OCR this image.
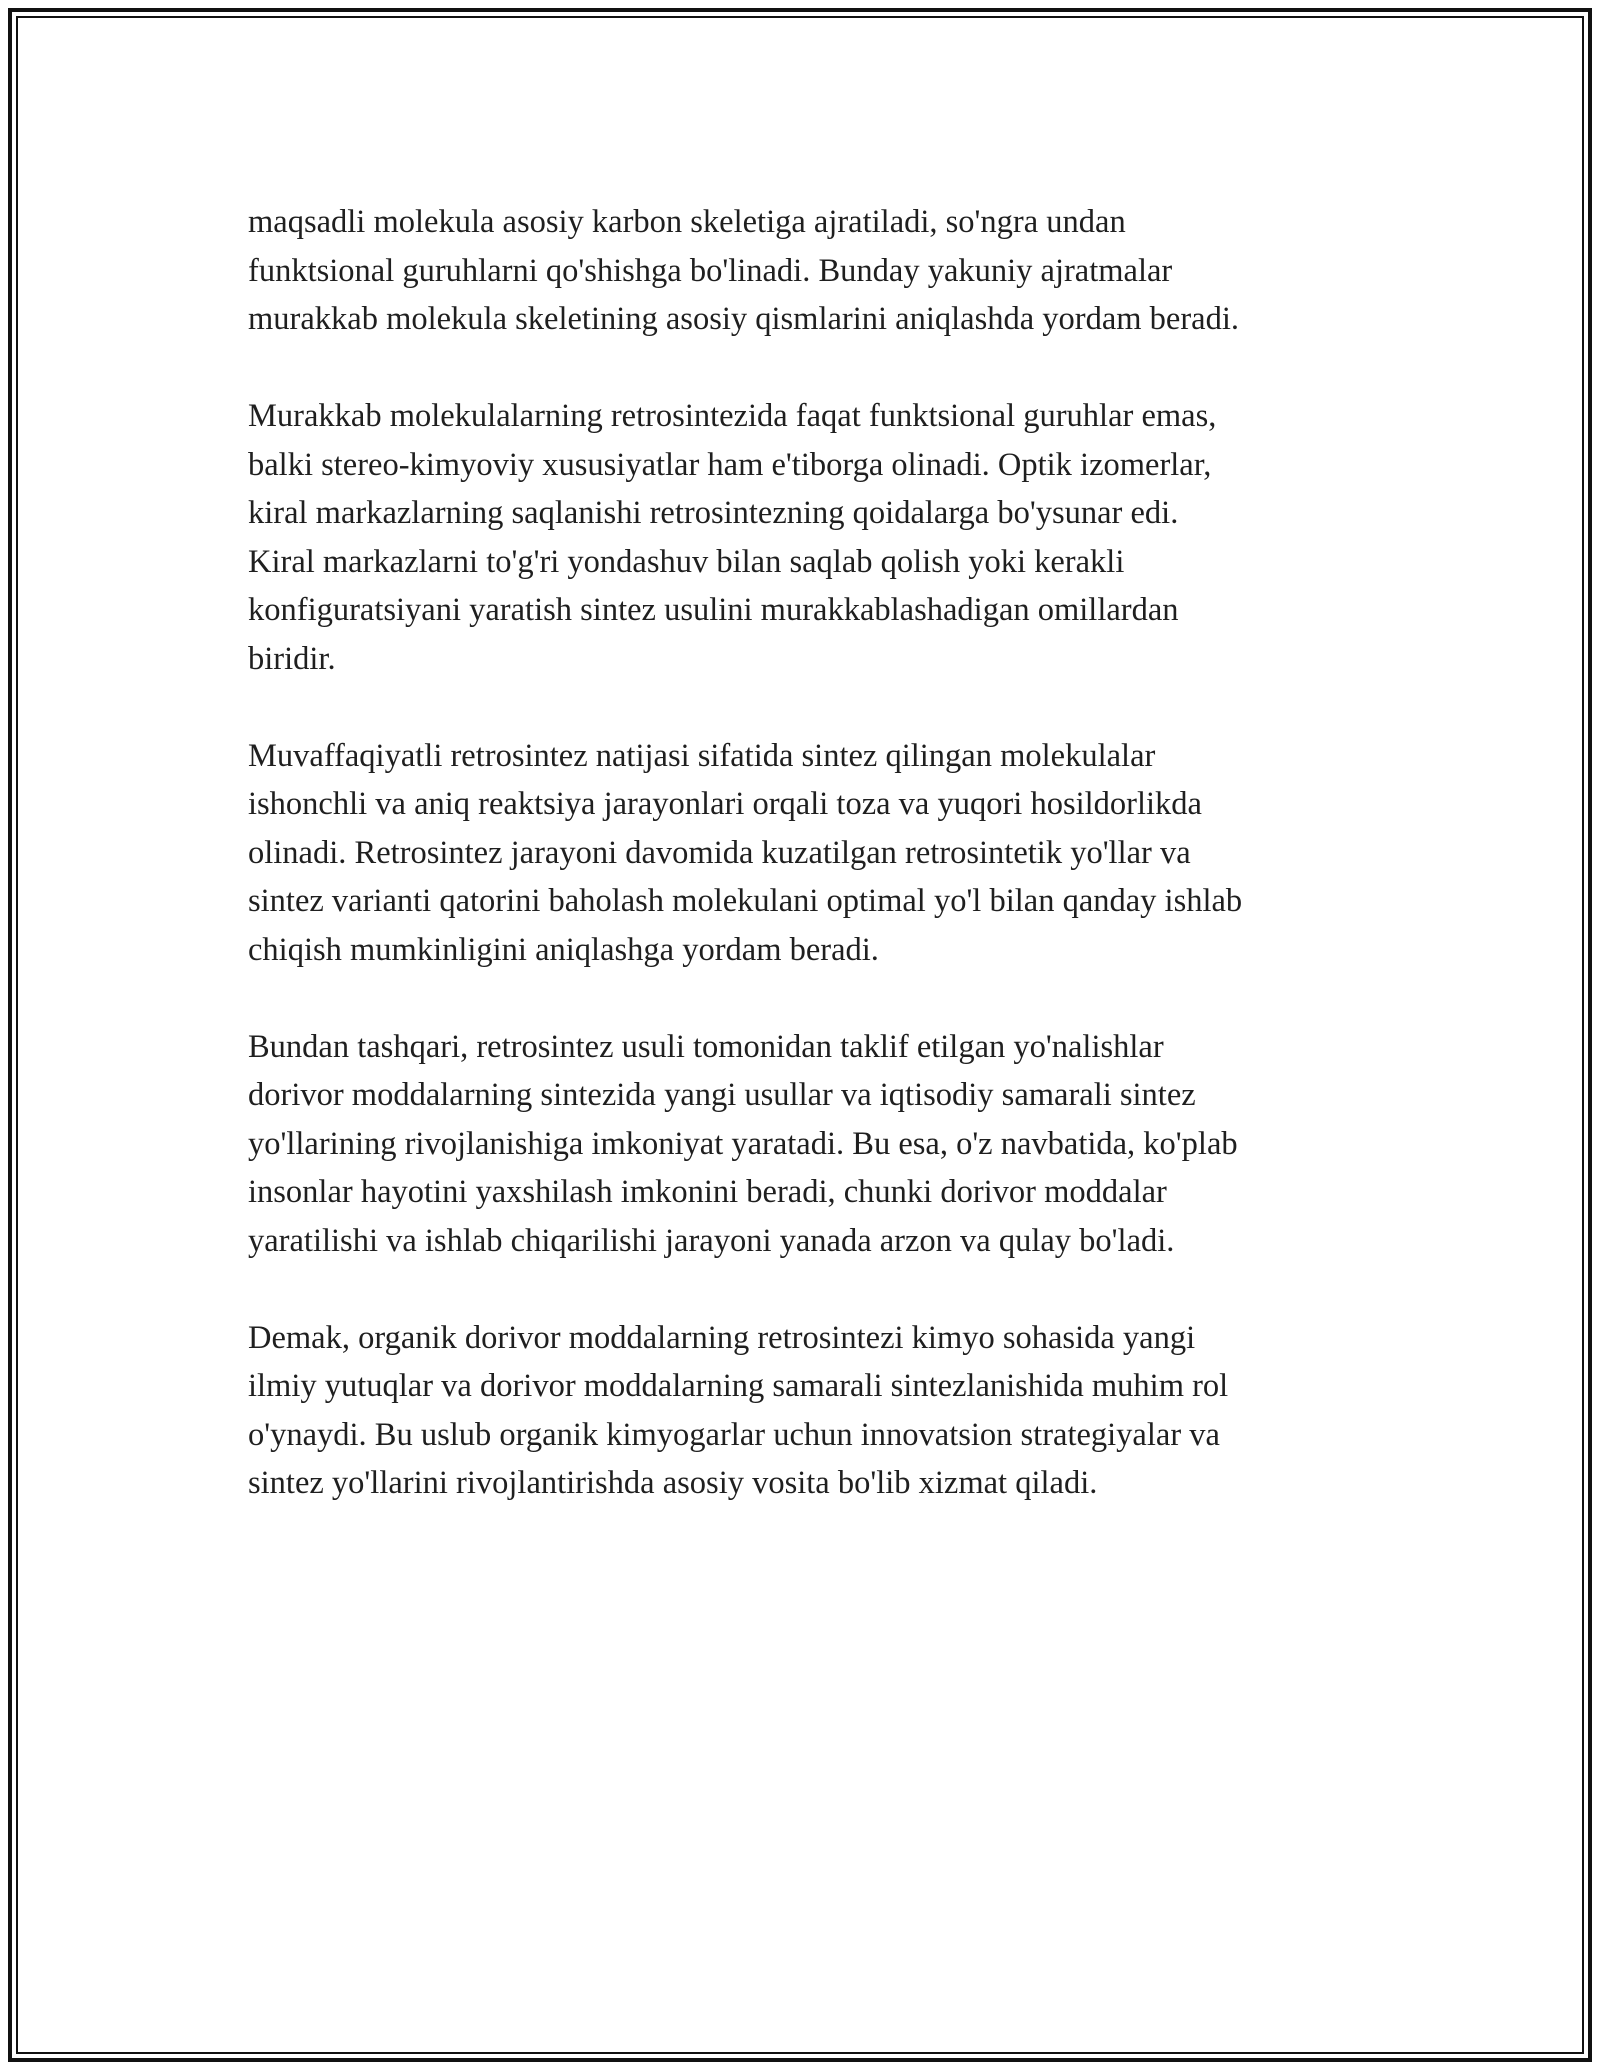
maqsadli molekula asosiy karbon skeletiga ajratiladi, so'ngra undan
funktsional guruhlarni qo'shishga bo'linadi. Bunday yakuniy ajratmalar
murakkab molekula skeletining asosiy qismlarini aniqlashda yordam beradi.

Murakkab molekulalarning retrosintezida faqat funktsional guruhlar emas,
balki stereo-kimyoviy xususiyatlar ham e'tiborga olinadi. Optik izomerlar,
kiral markazlarning saqlanishi retrosintezning qoidalarga bo'ysunar edi.
Kiral markazlarni to'g'ri yondashuv bilan saqlab qolish yoki kerakli
konfiguratsiyani yaratish sintez usulini murakkablashadigan omillardan
biridir.

Muvaffaqiyatli retrosintez natijasi sifatida sintez qilingan molekulalar
ishonchli va aniq reaktsiya jarayonlari orqali toza va yuqori hosildorlikda
olinadi. Retrosintez jarayoni davomida kuzatilgan retrosintetik yo'llar va
sintez varianti qatorini baholash molekulani optimal yo'l bilan qanday ishlab
chiqish mumkinligini aniqlashga yordam beradi.

Bundan tashqari, retrosintez usuli tomonidan taklif etilgan yo'nalishlar
dorivor moddalarning sintezida yangi usullar va iqtisodiy samarali sintez
yo'llarining rivojlanishiga imkoniyat yaratadi. Bu esa, o'z navbatida, ko'plab
insonlar hayotini yaxshilash imkonini beradi, chunki dorivor moddalar
yaratilishi va ishlab chiqarilishi jarayoni yanada arzon va qulay bo'ladi.

Demak, organik dorivor moddalarning retrosintezi kimyo sohasida yangi
ilmiy yutuqlar va dorivor moddalarning samarali sintezlanishida muhim rol
o'ynaydi. Bu uslub organik kimyogarlar uchun innovatsion strategiyalar va
sintez yo'llarini rivojlantirishda asosiy vosita bo'lib xizmat qiladi.
